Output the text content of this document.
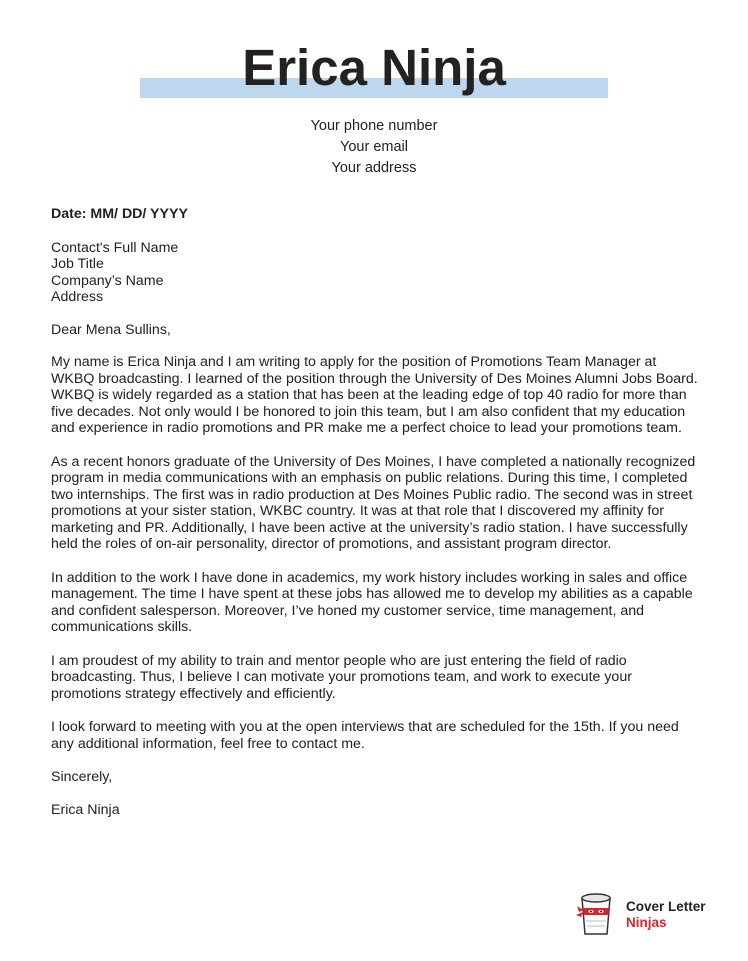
Erica Ninja
Your phone number
Your email
Your address
Date: MM/ DD/ YYYY
Contact's Full Name
Job Title
Company’s Name
Address
Dear Mena Sullins,
My name is Erica Ninja and I am writing to apply for the position of Promotions Team Manager at WKBQ broadcasting. I learned of the position through the University of Des Moines Alumni Jobs Board. WKBQ is widely regarded as a station that has been at the leading edge of top 40 radio for more than five decades. Not only would I be honored to join this team, but I am also confident that my education and experience in radio promotions and PR make me a perfect choice to lead your promotions team.
As a recent honors graduate of the University of Des Moines, I have completed a nationally recognized program in media communications with an emphasis on public relations. During this time, I completed two internships. The first was in radio production at Des Moines Public radio. The second was in street promotions at your sister station, WKBC country. It was at that role that I discovered my affinity for marketing and PR. Additionally, I have been active at the university’s radio station. I have successfully held the roles of on-air personality, director of promotions, and assistant program director.
In addition to the work I have done in academics, my work history includes working in sales and office management. The time I have spent at these jobs has allowed me to develop my abilities as a capable and confident salesperson. Moreover, I’ve honed my customer service, time management, and communications skills.
I am proudest of my ability to train and mentor people who are just entering the field of radio broadcasting. Thus, I believe I can motivate your promotions team, and work to execute your promotions strategy effectively and efficiently.
I look forward to meeting with you at the open interviews that are scheduled for the 15th. If you need any additional information, feel free to contact me.
Sincerely,
Erica Ninja
Cover Letter
Ninjas
